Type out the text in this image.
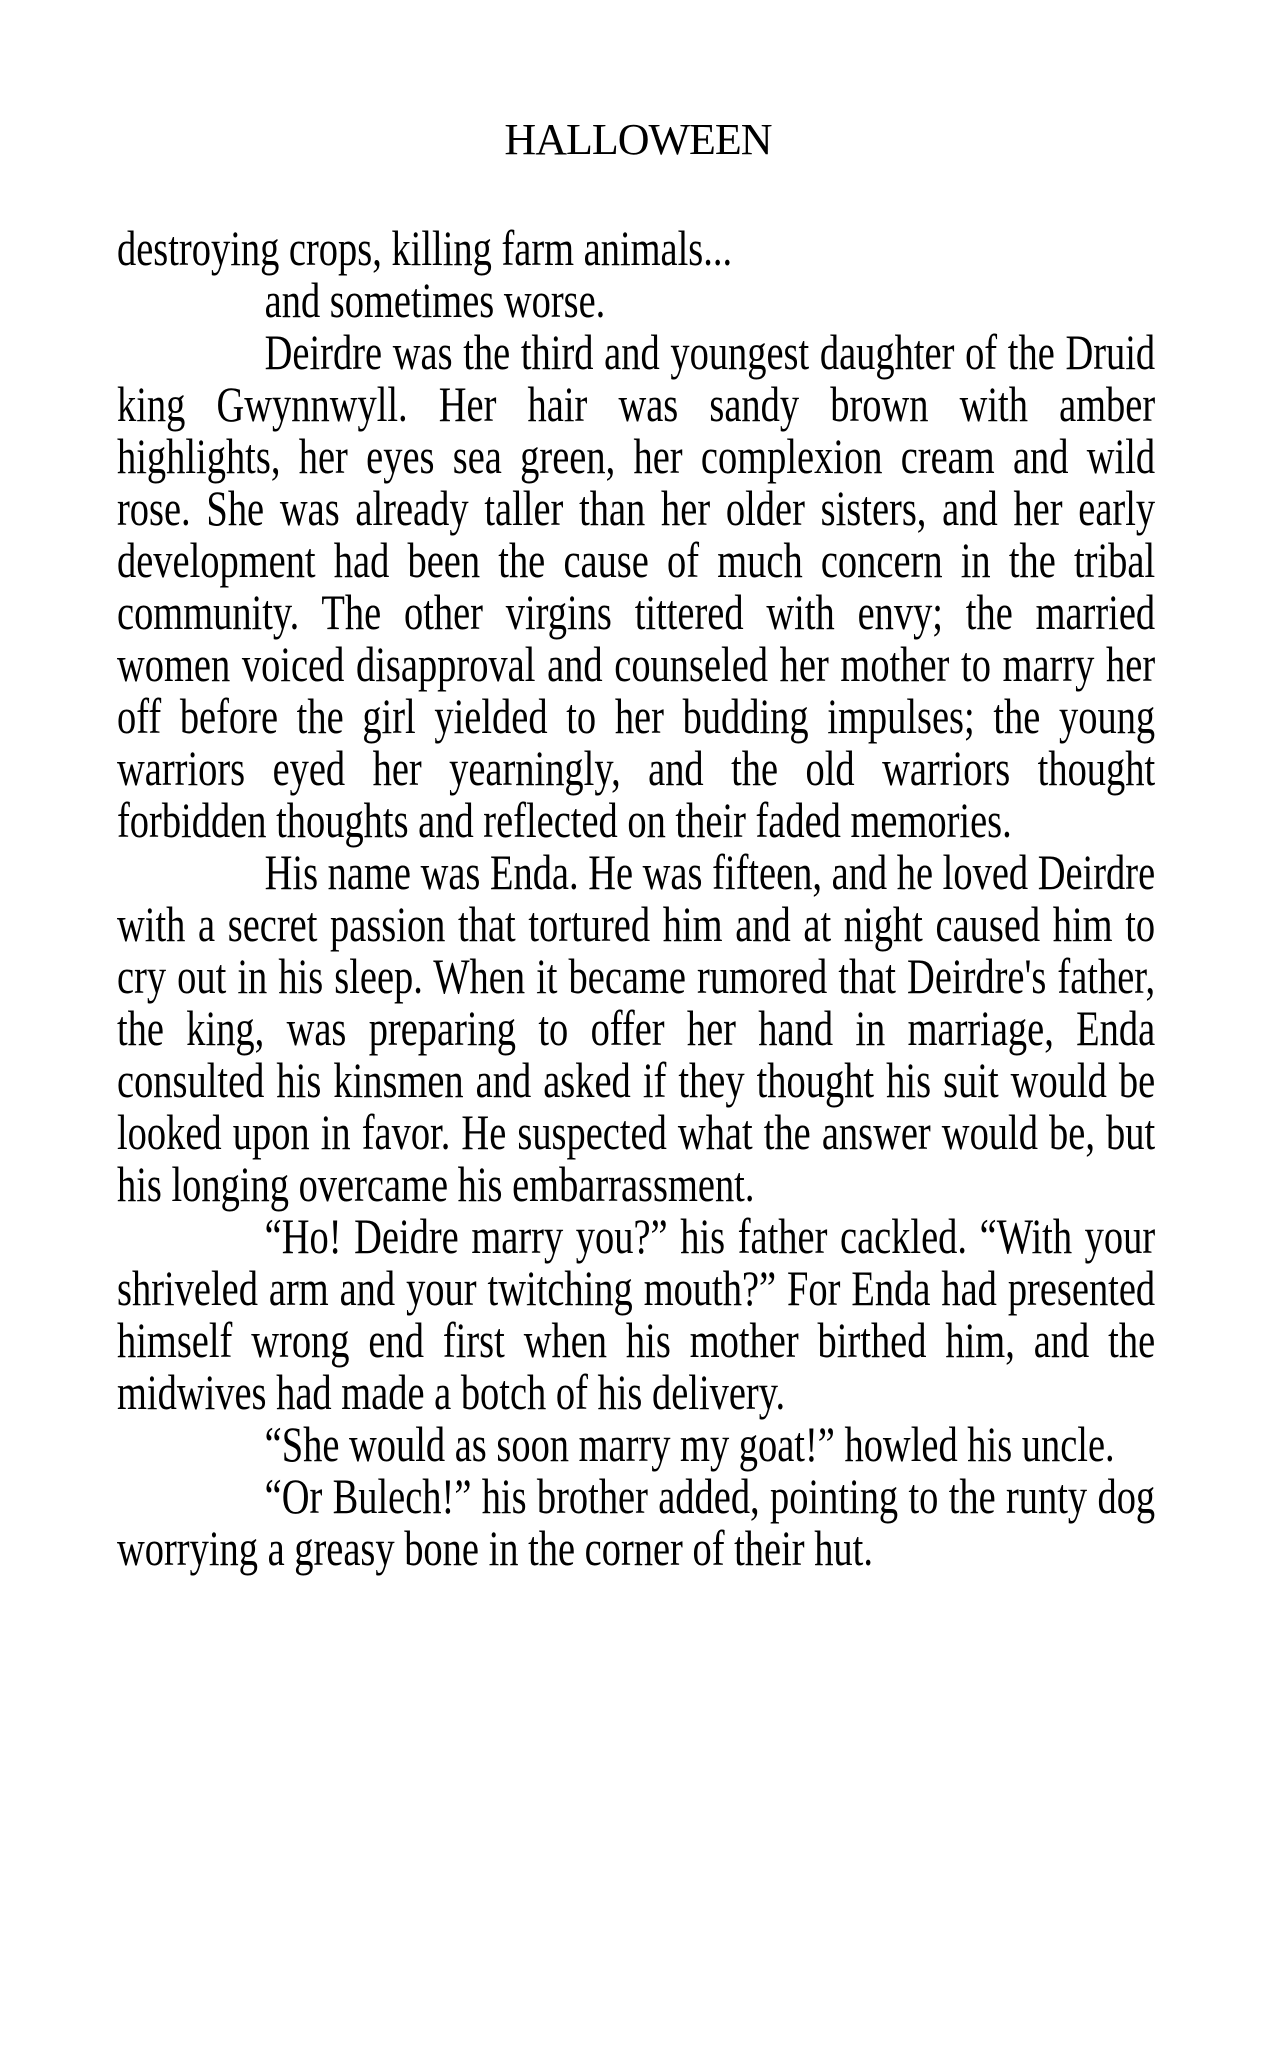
HALLOWEEN

destroying crops, killing farm animals...

and sometimes worse.

Deirdre was the third and youngest daughter of the Druid king Gwynnwyll. Her hair was sandy brown with amber highlights, her eyes sea green, her complexion cream and wild rose. She was already taller than her older sisters, and her early development had been the cause of much concern in the tribal community. The other virgins tittered with envy; the married women voiced disapproval and counseled her mother to marry her off before the girl yielded to her budding impulses; the young warriors eyed her yearningly, and the old warriors thought forbidden thoughts and reflected on their faded memories.

His name was Enda. He was fifteen, and he loved Deirdre with a secret passion that tortured him and at night caused him to cry out in his sleep. When it became rumored that Deirdre's father, the king, was preparing to offer her hand in marriage, Enda consulted his kinsmen and asked if they thought his suit would be looked upon in favor. He suspected what the answer would be, but his longing overcame his embarrassment.

“Ho! Deidre marry you?” his father cackled. “With your shriveled arm and your twitching mouth?” For Enda had presented himself wrong end first when his mother birthed him, and the midwives had made a botch of his delivery.

“She would as soon marry my goat!” howled his uncle.

“Or Bulech!” his brother added, pointing to the runty dog worrying a greasy bone in the corner of their hut.
